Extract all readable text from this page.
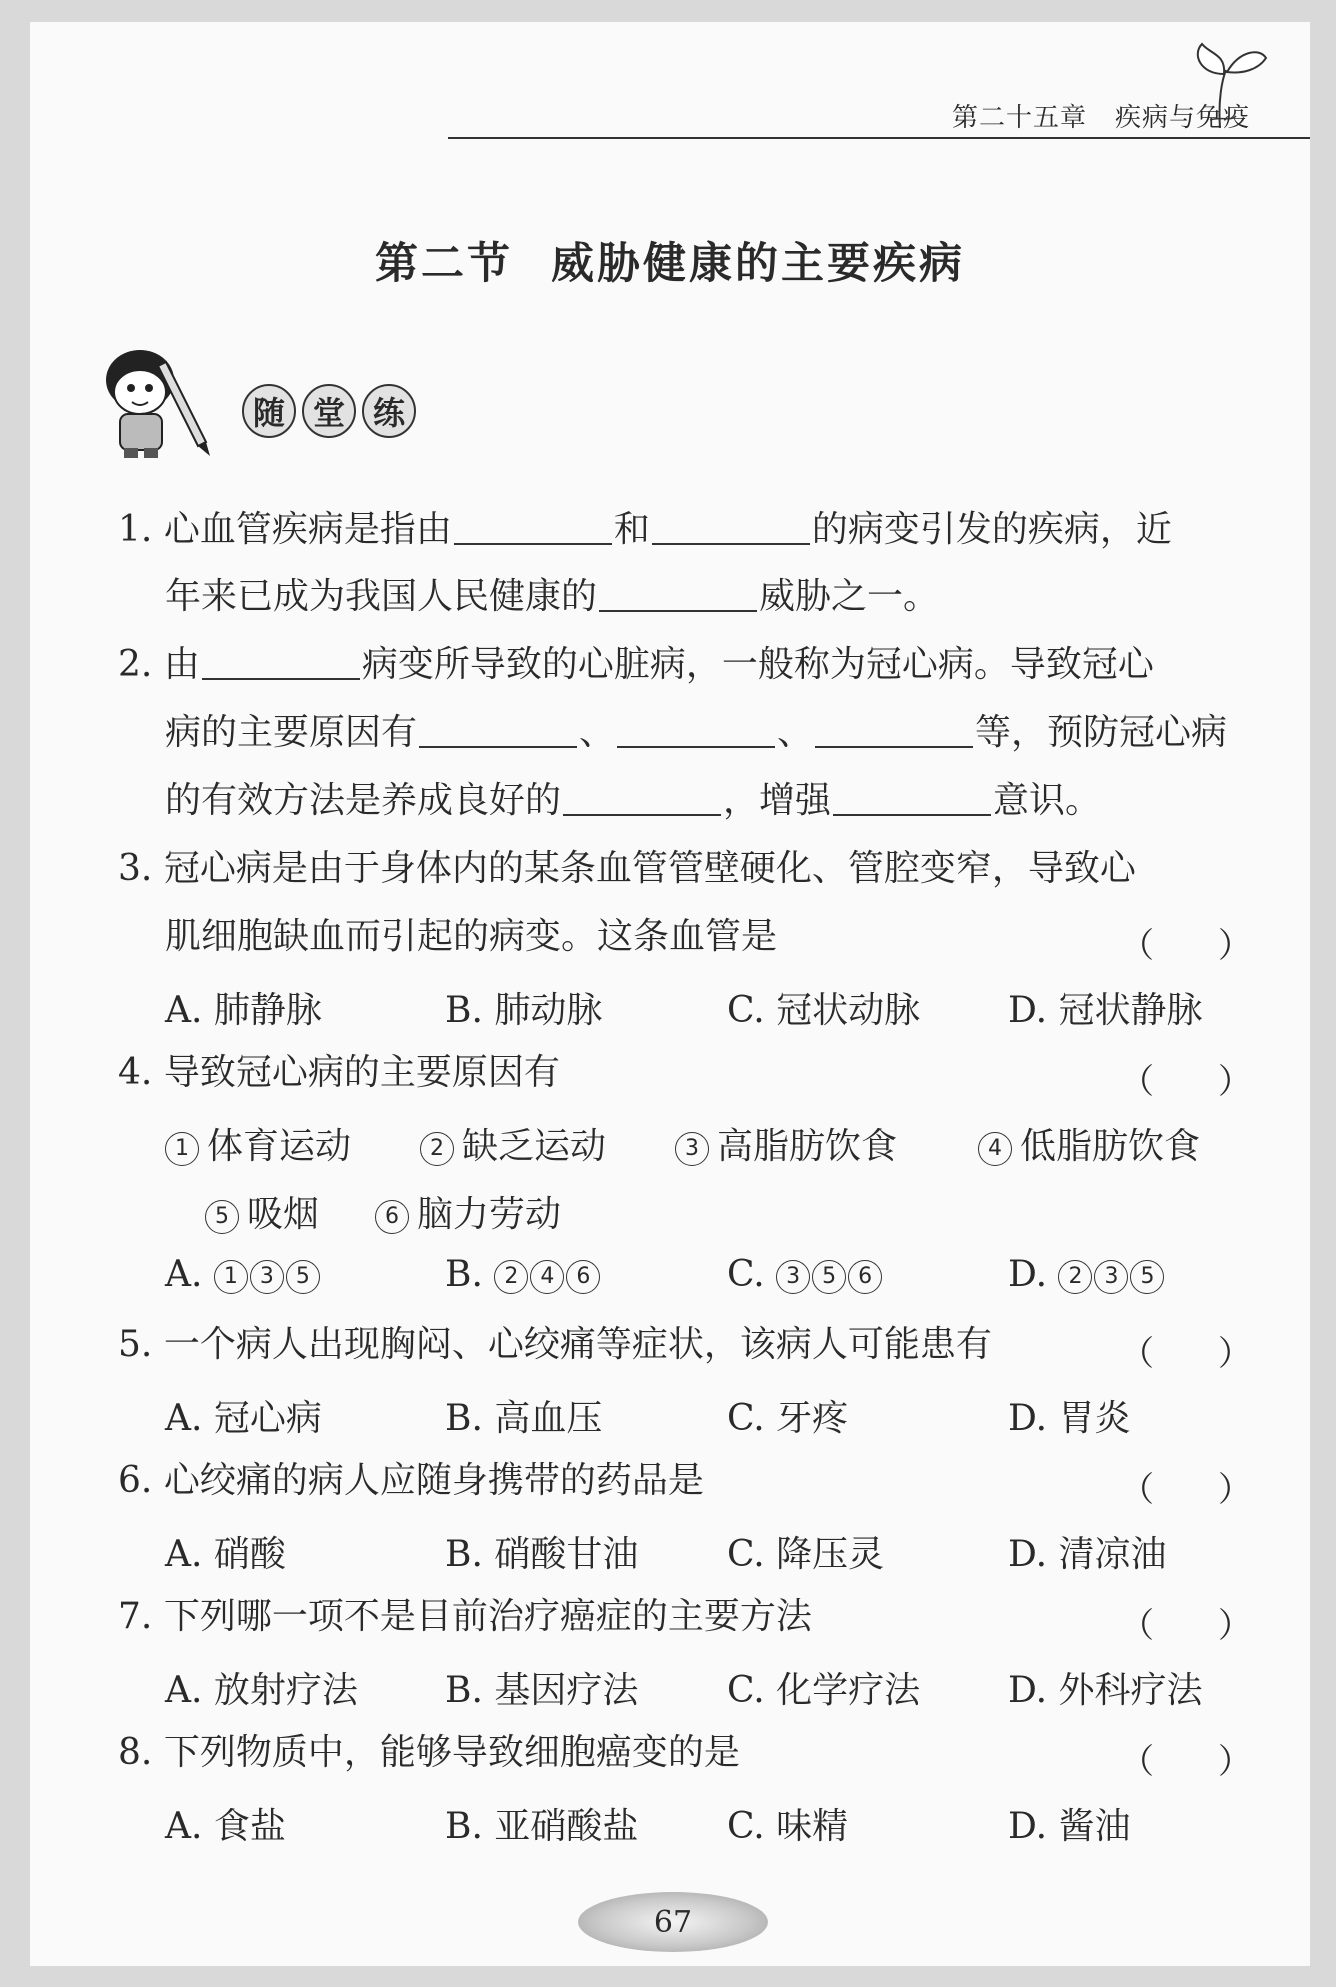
第二十五章 疾病与免疫
第二节 威胁健康的主要疾病
随 堂 练
1. 心血管疾病是指由	和	的病变引发的疾病，近
年来已成为我国人民健康的	威胁之一。
2. 由	病变所导致的心脏病，一般称为冠心病。导致冠心
病的主要原因有	、	、	等，预防冠心病
的有效方法是养成良好的	，增强	意识。
3. 冠心病是由于身体内的某条血管管壁硬化、管腔变窄，导致心
肌细胞缺血而引起的病变。这条血管是	（ ）
A. 肺静脉	B. 肺动脉	C. 冠状动脉 D. 冠状静脉
4. 导致冠心病的主要原因有	（ ）
1 体育运动	2 缺乏运动	3 高脂肪饮食	4 低脂肪饮食
5 吸烟	6 脑力劳动
A. 1 3 5	B. 2 4 6	C. 3 5 6	D. 2 3 5
5. 一个病人出现胸闷、心绞痛等症状，该病人可能患有	（ ）
A. 冠心病	B. 高血压	C. 牙疼	D. 胃炎
6. 心绞痛的病人应随身携带的药品是	（ ）
A. 硝酸	B. 硝酸甘油 C. 降压灵	D. 清凉油
7. 下列哪一项不是目前治疗癌症的主要方法	（ ）
A. 放射疗法 B. 基因疗法 C. 化学疗法 D. 外科疗法
8. 下列物质中，能够导致细胞癌变的是	（ ）
A. 食盐	B. 亚硝酸盐 C. 味精	D. 酱油
67
